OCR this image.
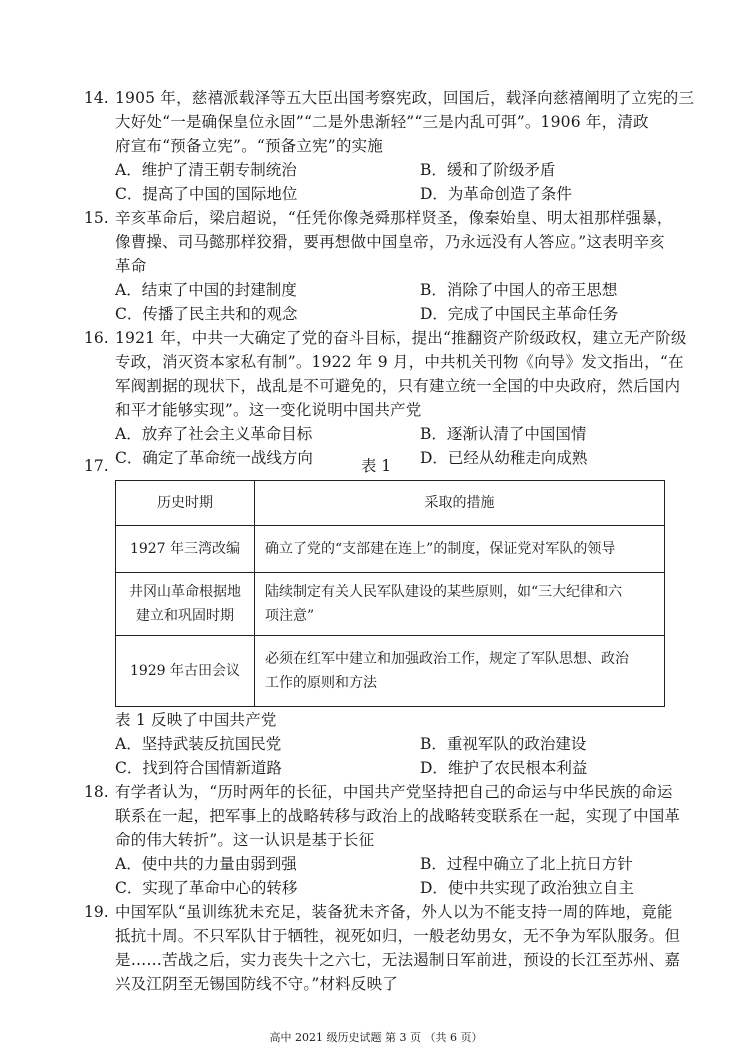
14. 1905 年，慈禧派载泽等五大臣出国考察宪政，回国后，载泽向慈禧阐明了立宪的三
大好处“一是确保皇位永固”“二是外患渐轻”“三是内乱可弭”。1906 年，清政
府宣布“预备立宪”。“预备立宪”的实施
A．维护了清王朝专制统治	B．缓和了阶级矛盾
C．提高了中国的国际地位	D．为革命创造了条件
15. 辛亥革命后，梁启超说，“任凭你像尧舜那样贤圣，像秦始皇、明太祖那样强暴，
像曹操、司马懿那样狡猾，要再想做中国皇帝，乃永远没有人答应。”这表明辛亥
革命
A．结束了中国的封建制度	B．消除了中国人的帝王思想
C．传播了民主共和的观念	D．完成了中国民主革命任务
16. 1921 年，中共一大确定了党的奋斗目标，提出“推翻资产阶级政权，建立无产阶级
专政，消灭资本家私有制”。1922 年 9 月，中共机关刊物《向导》发文指出，“在
军阀割据的现状下，战乱是不可避免的，只有建立统一全国的中央政府，然后国内
和平才能够实现”。这一变化说明中国共产党
A．放弃了社会主义革命目标	B．逐渐认清了中国国情
C．确定了革命统一战线方向	D．已经从幼稚走向成熟
17.	表 1
历史时期	采取的措施
1927 年三湾改编	确立了党的“支部建在连上”的制度，保证党对军队的领导
井冈山革命根据地
建立和巩固时期	陆续制定有关人民军队建设的某些原则，如“三大纪律和六
项注意”
1929 年古田会议	必须在红军中建立和加强政治工作，规定了军队思想、政治
工作的原则和方法
表 1 反映了中国共产党
A．坚持武装反抗国民党	B．重视军队的政治建设
C．找到符合国情新道路	D．维护了农民根本利益
18. 有学者认为，“历时两年的长征，中国共产党坚持把自己的命运与中华民族的命运
联系在一起，把军事上的战略转移与政治上的战略转变联系在一起，实现了中国革
命的伟大转折”。这一认识是基于长征
A．使中共的力量由弱到强	B．过程中确立了北上抗日方针
C．实现了革命中心的转移	D．使中共实现了政治独立自主
19. 中国军队“虽训练犹未充足，装备犹未齐备，外人以为不能支持一周的阵地，竟能
抵抗十周。不只军队甘于牺牲，视死如归，一般老幼男女，无不争为军队服务。但
是……苦战之后，实力丧失十之六七，无法遏制日军前进，预设的长江至苏州、嘉
兴及江阴至无锡国防线不守。”材料反映了
高中 2021 级历史试题 第 3 页 （共 6 页）
